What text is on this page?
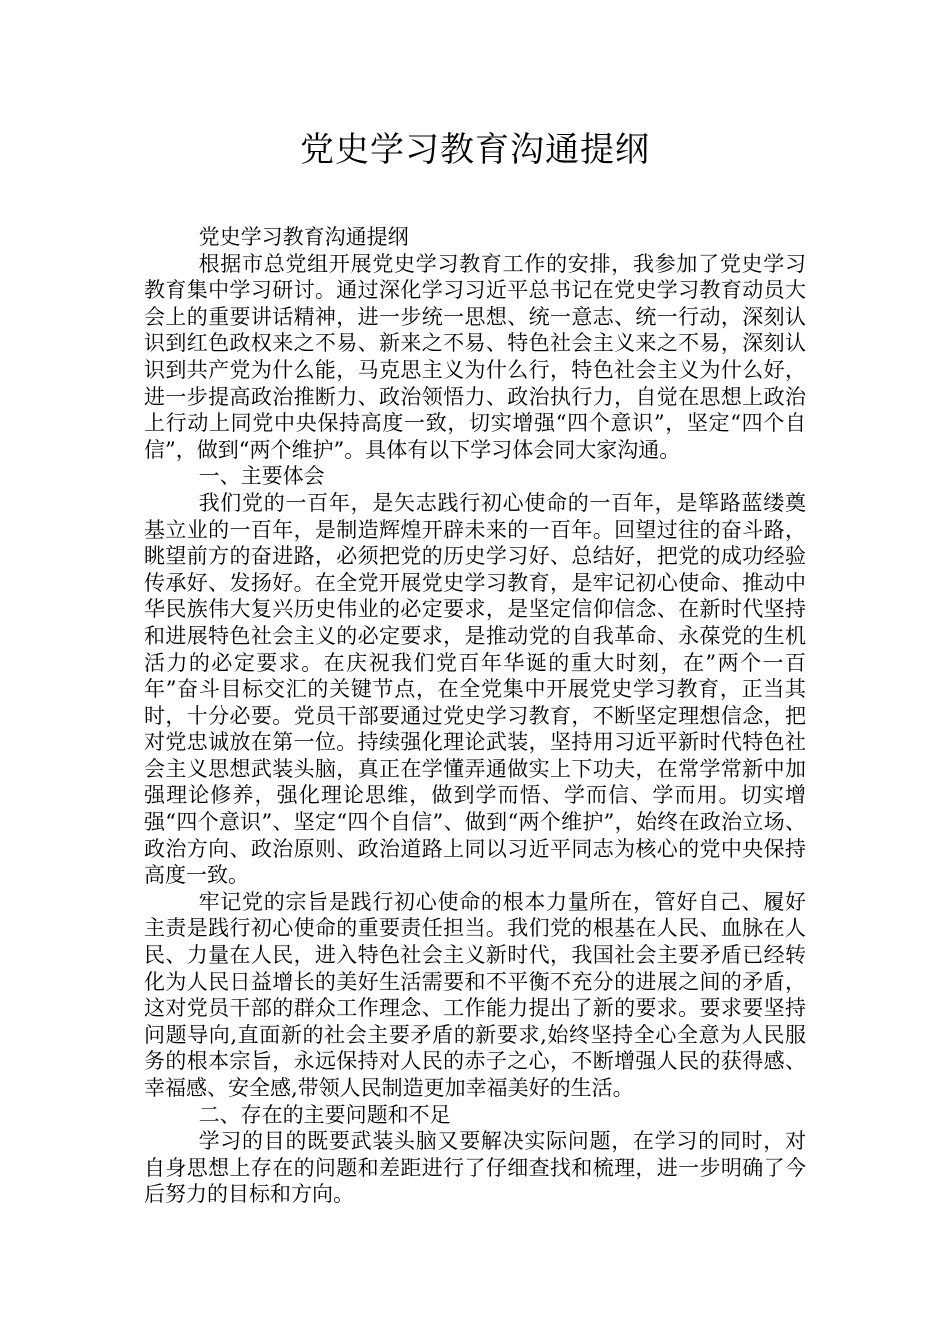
党史学习教育沟通提纲

党史学习教育沟通提纲

根据市总党组开展党史学习教育工作的安排，我参加了党史学习教育集中学习研讨。通过深化学习习近平总书记在党史学习教育动员大会上的重要讲话精神，进一步统一思想、统一意志、统一行动，深刻认识到红色政权来之不易、新来之不易、特色社会主义来之不易，深刻认识到共产党为什么能，马克思主义为什么行，特色社会主义为什么好，进一步提高政治推断力、政治领悟力、政治执行力，自觉在思想上政治上行动上同党中央保持高度一致，切实增强“四个意识”，坚定“四个自信”，做到“两个维护”。具体有以下学习体会同大家沟通。

一、主要体会

我们党的一百年，是矢志践行初心使命的一百年，是筚路蓝缕奠基立业的一百年，是制造辉煌开辟未来的一百年。回望过往的奋斗路，眺望前方的奋进路，必须把党的历史学习好、总结好，把党的成功经验传承好、发扬好。在全党开展党史学习教育，是牢记初心使命、推动中华民族伟大复兴历史伟业的必定要求，是坚定信仰信念、在新时代坚持和进展特色社会主义的必定要求，是推动党的自我革命、永葆党的生机活力的必定要求。在庆祝我们党百年华诞的重大时刻，在”两个一百年”奋斗目标交汇的关键节点，在全党集中开展党史学习教育，正当其时，十分必要。党员干部要通过党史学习教育，不断坚定理想信念，把对党忠诚放在第一位。持续强化理论武装，坚持用习近平新时代特色社会主义思想武装头脑，真正在学懂弄通做实上下功夫，在常学常新中加强理论修养，强化理论思维，做到学而悟、学而信、学而用。切实增强“四个意识”、坚定“四个自信”、做到“两个维护”，始终在政治立场、政治方向、政治原则、政治道路上同以习近平同志为核心的党中央保持高度一致。

牢记党的宗旨是践行初心使命的根本力量所在，管好自己、履好主责是践行初心使命的重要责任担当。我们党的根基在人民、血脉在人民、力量在人民，进入特色社会主义新时代，我国社会主要矛盾已经转化为人民日益增长的美好生活需要和不平衡不充分的进展之间的矛盾，这对党员干部的群众工作理念、工作能力提出了新的要求。要求要坚持问题导向,直面新的社会主要矛盾的新要求,始终坚持全心全意为人民服务的根本宗旨，永远保持对人民的赤子之心，不断增强人民的获得感、幸福感、安全感,带领人民制造更加幸福美好的生活。

二、存在的主要问题和不足

学习的目的既要武装头脑又要解决实际问题，在学习的同时，对自身思想上存在的问题和差距进行了仔细查找和梳理，进一步明确了今后努力的目标和方向。
